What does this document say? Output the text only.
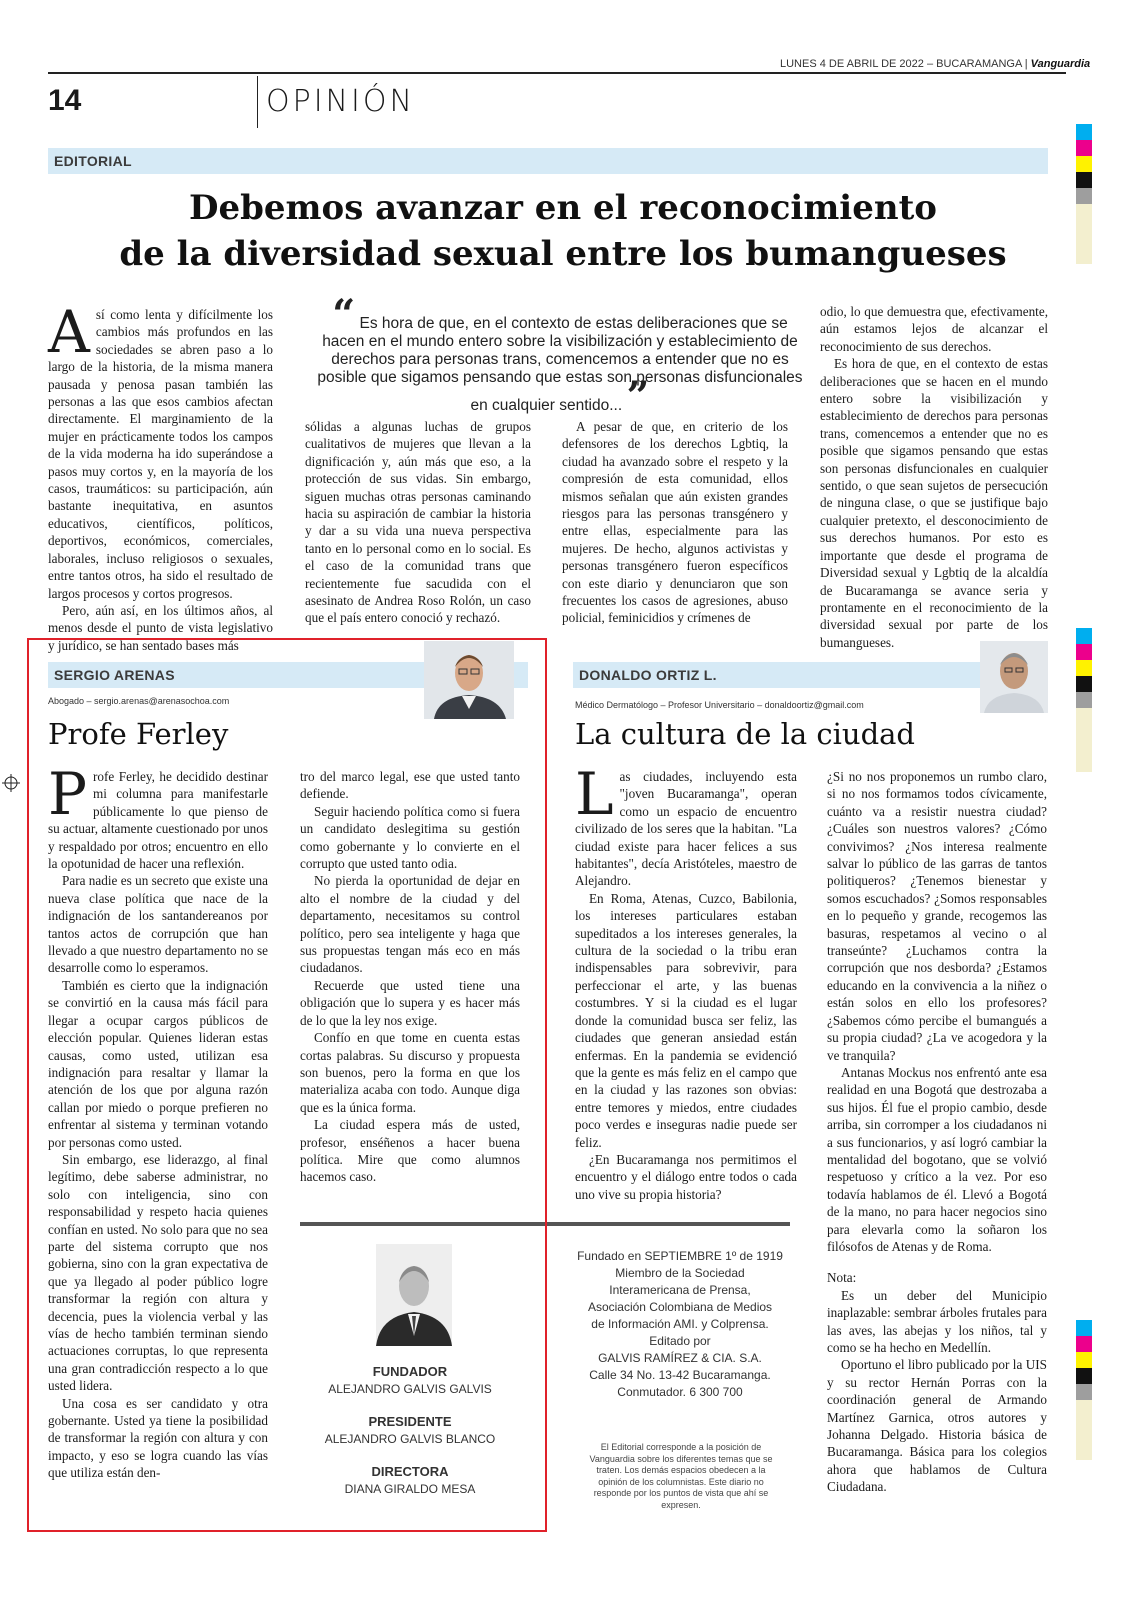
LUNES 4 DE ABRIL DE 2022 – BUCARAMANGA | Vanguardia
14	OPINIÓN
EDITORIAL
Debemos avanzar en el reconocimiento
de la diversidad sexual entre los bumangueses

Así como lenta y difícilmente los cambios más profundos en las sociedades se abren paso a lo largo de la historia, de la misma manera pausada y penosa pasan también las personas a las que esos cambios afectan directamente. El marginamiento de la mujer en prácticamente todos los campos de la vida moderna ha ido superándose a pasos muy cortos y, en la mayoría de los casos, traumáticos: su participación, aún bastante inequitativa, en asuntos educativos, científicos, políticos, deportivos, económicos, comerciales, laborales, incluso religiosos o sexuales, entre tantos otros, ha sido el resultado de largos procesos y cortos progresos.

Pero, aún así, en los últimos años, al menos desde el punto de vista legislativo y jurídico, se han sentado bases más

“ Es hora de que, en el contexto de estas deliberaciones que se hacen en el mundo entero sobre la visibilización y establecimiento de derechos para personas trans, comencemos a entender que no es posible que sigamos pensando que estas son personas disfuncionales en cualquier sentido... ”

sólidas a algunas luchas de grupos cualitativos de mujeres que llevan a la dignificación y, aún más que eso, a la protección de sus vidas. Sin embargo, siguen muchas otras personas caminando hacia su aspiración de cambiar la historia y dar a su vida una nueva perspectiva tanto en lo personal como en lo social. Es el caso de la comunidad trans que recientemente fue sacudida con el asesinato de Andrea Roso Rolón, un caso que el país entero conoció y rechazó.

A pesar de que, en criterio de los defensores de los derechos Lgbtiq, la ciudad ha avanzado sobre el respeto y la compresión de esta comunidad, ellos mismos señalan que aún existen grandes riesgos para las personas transgénero y entre ellas, especialmente para las mujeres. De hecho, algunos activistas y personas transgénero fueron específicos con este diario y denunciaron que son frecuentes los casos de agresiones, abuso policial, feminicidios y crímenes de

odio, lo que demuestra que, efectivamente, aún estamos lejos de alcanzar el reconocimiento de sus derechos.

Es hora de que, en el contexto de estas deliberaciones que se hacen en el mundo entero sobre la visibilización y establecimiento de derechos para personas trans, comencemos a entender que no es posible que sigamos pensando que estas son personas disfuncionales en cualquier sentido, o que sean sujetos de persecución de ninguna clase, o que se justifique bajo cualquier pretexto, el desconocimiento de sus derechos humanos. Por esto es importante que desde el programa de Diversidad sexual y Lgbtiq de la alcaldía de Bucaramanga se avance seria y prontamente en el reconocimiento de la diversidad sexual por parte de los bumangueses.

SERGIO ARENAS
Abogado – sergio.arenas@arenasochoa.com
Profe Ferley

Profe Ferley, he decidido destinar mi columna para manifestarle públicamente lo que pienso de su actuar, altamente cuestionado por unos y respaldado por otros; encuentro en ello la opotunidad de hacer una reflexión.

Para nadie es un secreto que existe una nueva clase política que nace de la indignación de los santandereanos por tantos actos de corrupción que han llevado a que nuestro departamento no se desarrolle como lo esperamos.

También es cierto que la indignación se convirtió en la causa más fácil para llegar a ocupar cargos públicos de elección popular. Quienes lideran estas causas, como usted, utilizan esa indignación para resaltar y llamar la atención de los que por alguna razón callan por miedo o porque prefieren no enfrentar al sistema y terminan votando por personas como usted.

Sin embargo, ese liderazgo, al final legítimo, debe saberse administrar, no solo con inteligencia, sino con responsabilidad y respeto hacia quienes confían en usted. No solo para que no sea parte del sistema corrupto que nos gobierna, sino con la gran expectativa de que ya llegado al poder público logre transformar la región con altura y decencia, pues la violencia verbal y las vías de hecho también terminan siendo actuaciones corruptas, lo que representa una gran contradicción respecto a lo que usted lidera.

Una cosa es ser candidato y otra gobernante. Usted ya tiene la posibilidad de transformar la región con altura y con impacto, y eso se logra cuando las vías que utiliza están den-

tro del marco legal, ese que usted tanto defiende.

Seguir haciendo política como si fuera un candidato deslegitima su gestión como gobernante y lo convierte en el corrupto que usted tanto odia.

No pierda la oportunidad de dejar en alto el nombre de la ciudad y del departamento, necesitamos su control político, pero sea inteligente y haga que sus propuestas tengan más eco en más ciudadanos.

Recuerde que usted tiene una obligación que lo supera y es hacer más de lo que la ley nos exige.

Confío en que tome en cuenta estas cortas palabras. Su discurso y propuesta son buenos, pero la forma en que los materializa acaba con todo. Aunque diga que es la única forma.

La ciudad espera más de usted, profesor, enséñenos a hacer buena política. Mire que como alumnos hacemos caso.

FUNDADOR
ALEJANDRO GALVIS GALVIS
PRESIDENTE
ALEJANDRO GALVIS BLANCO
DIRECTORA
DIANA GIRALDO MESA
Fundado en SEPTIEMBRE 1º de 1919
Miembro de la Sociedad
Interamericana de Prensa,
Asociación Colombiana de Medios
de Información AMI. y Colprensa.
Editado por
GALVIS RAMÍREZ & CIA. S.A.
Calle 34 No. 13-42 Bucaramanga.
Conmutador. 6 300 700
El Editorial corresponde a la posición de Vanguardia sobre los diferentes temas que se traten. Los demás espacios obedecen a la opinión de los columnistas. Este diario no responde por los puntos de vista que ahí se expresen.
DONALDO ORTIZ L.
Médico Dermatólogo – Profesor Universitario – donaldoortiz@gmail.com
La cultura de la ciudad

Las ciudades, incluyendo esta "joven Bucaramanga", operan como un espacio de encuentro civilizado de los seres que la habitan. "La ciudad existe para hacer felices a sus habitantes", decía Aristóteles, maestro de Alejandro.

En Roma, Atenas, Cuzco, Babilonia, los intereses particulares estaban supeditados a los intereses generales, la cultura de la sociedad o la tribu eran indispensables para sobrevivir, para perfeccionar el arte, y las buenas costumbres. Y si la ciudad es el lugar donde la comunidad busca ser feliz, las ciudades que generan ansiedad están enfermas. En la pandemia se evidenció que la gente es más feliz en el campo que en la ciudad y las razones son obvias: entre temores y miedos, entre ciudades poco verdes e inseguras nadie puede ser feliz.

¿En Bucaramanga nos permitimos el encuentro y el diálogo entre todos o cada uno vive su propia historia?

¿Si no nos proponemos un rumbo claro, si no nos formamos todos cívicamente, cuánto va a resistir nuestra ciudad? ¿Cuáles son nuestros valores? ¿Cómo convivimos? ¿Nos interesa realmente salvar lo público de las garras de tantos politiqueros? ¿Tenemos bienestar y somos escuchados? ¿Somos responsables en lo pequeño y grande, recogemos las basuras, respetamos al vecino o al transeúnte? ¿Luchamos contra la corrupción que nos desborda? ¿Estamos educando en la convivencia a la niñez o están solos en ello los profesores? ¿Sabemos cómo percibe el bumangués a su propia ciudad? ¿La ve acogedora y la ve tranquila?

Antanas Mockus nos enfrentó ante esa realidad en una Bogotá que destrozaba a sus hijos. Él fue el propio cambio, desde arriba, sin corromper a los ciudadanos ni a sus funcionarios, y así logró cambiar la mentalidad del bogotano, que se volvió respetuoso y crítico a la vez. Por eso todavía hablamos de él. Llevó a Bogotá de la mano, no para hacer negocios sino para elevarla como la soñaron los filósofos de Atenas y de Roma.

Nota:

Es un deber del Municipio inaplazable: sembrar árboles frutales para las aves, las abejas y los niños, tal y como se ha hecho en Medellín.

Oportuno el libro publicado por la UIS y su rector Hernán Porras con la coordinación general de Armando Martínez Garnica, otros autores y Johanna Delgado. Historia básica de Bucaramanga. Básica para los colegios ahora que hablamos de Cultura Ciudadana.
